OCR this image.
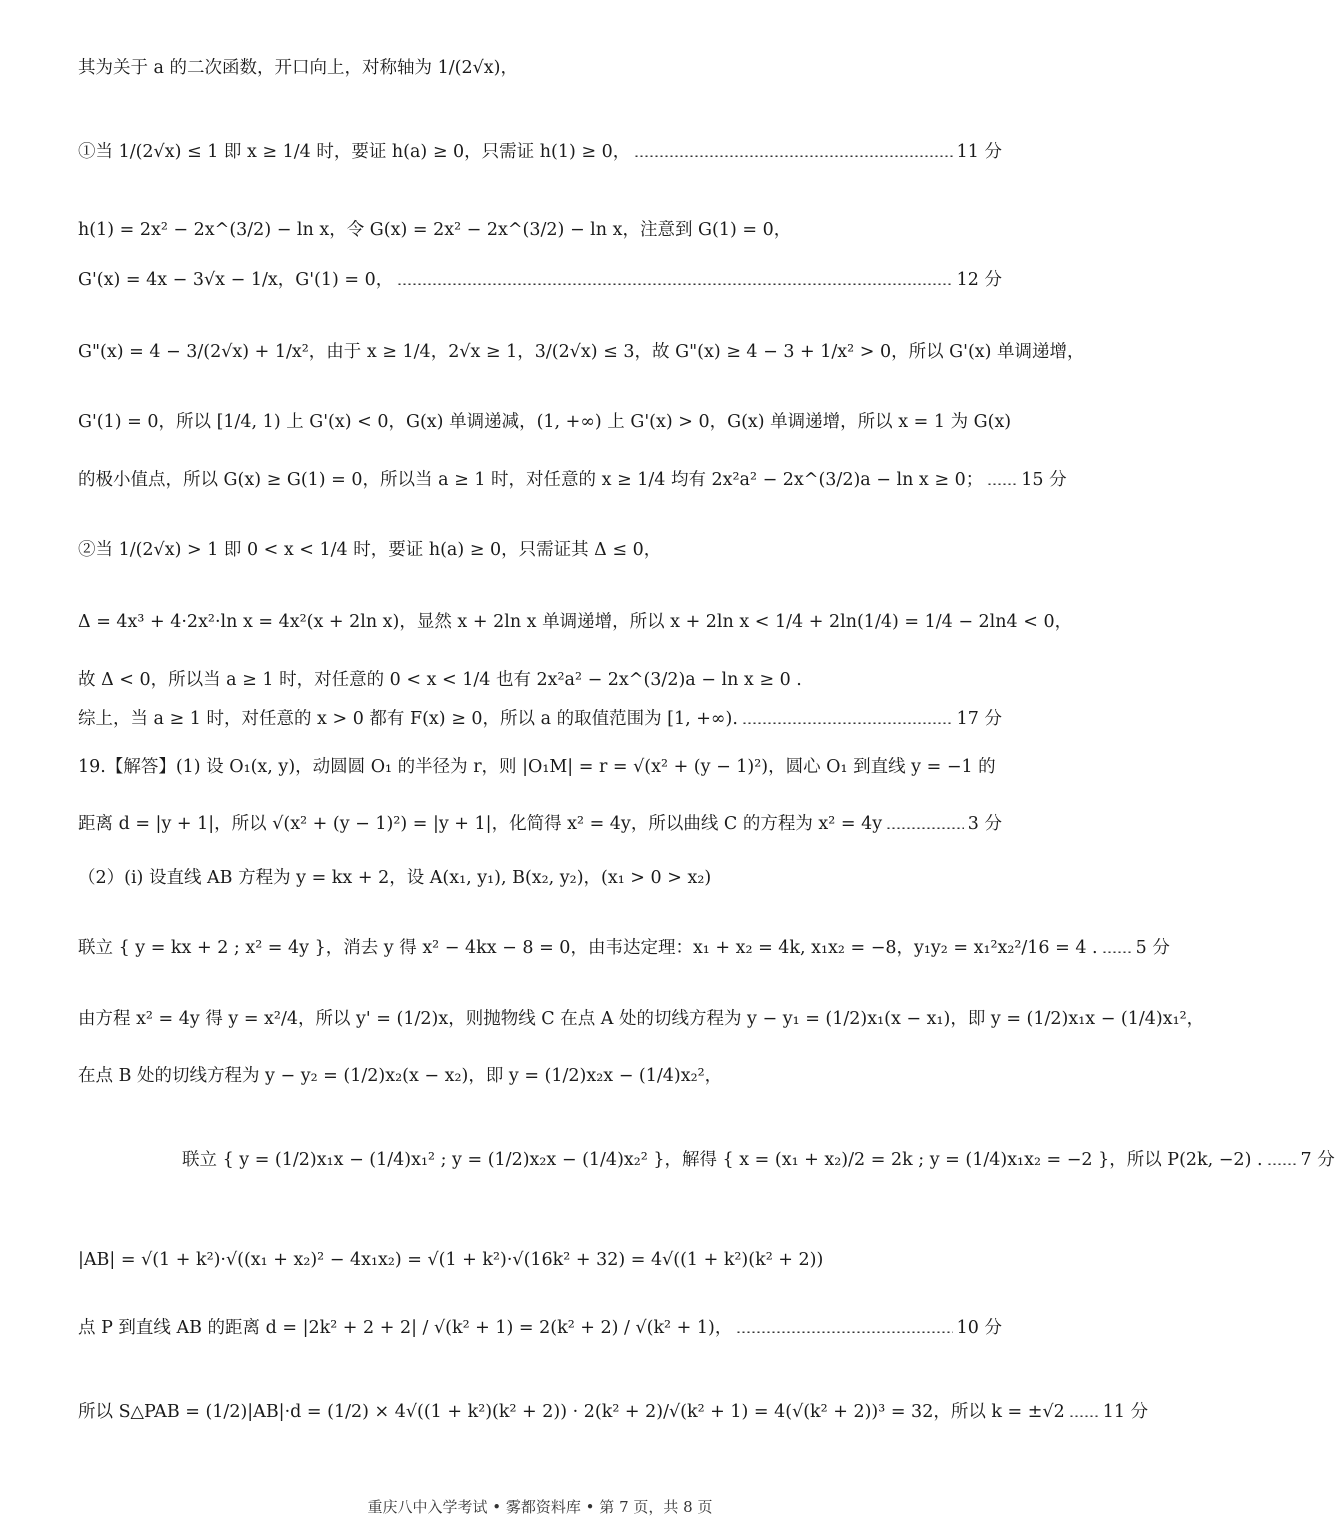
其为关于 a 的二次函数，开口向上，对称轴为 1/(2√x)，
①当 1/(2√x) ≤ 1 即 x ≥ 1/4 时，要证 h(a) ≥ 0，只需证 h(1) ≥ 0，	11 分
h(1) = 2x² − 2x^(3/2) − ln x，令 G(x) = 2x² − 2x^(3/2) − ln x，注意到 G(1) = 0，
G'(x) = 4x − 3√x − 1/x，G'(1) = 0，	12 分
G"(x) = 4 − 3/(2√x) + 1/x²，由于 x ≥ 1/4，2√x ≥ 1，3/(2√x) ≤ 3，故 G"(x) ≥ 4 − 3 + 1/x² > 0，所以 G'(x) 单调递增，
G'(1) = 0，所以 [1/4, 1) 上 G'(x) < 0，G(x) 单调递减，(1, +∞) 上 G'(x) > 0，G(x) 单调递增，所以 x = 1 为 G(x)
的极小值点，所以 G(x) ≥ G(1) = 0，所以当 a ≥ 1 时，对任意的 x ≥ 1/4 均有 2x²a² − 2x^(3/2)a − ln x ≥ 0； 15 分
②当 1/(2√x) > 1 即 0 < x < 1/4 时，要证 h(a) ≥ 0，只需证其 Δ ≤ 0，
Δ = 4x³ + 4·2x²·ln x = 4x²(x + 2ln x)，显然 x + 2ln x 单调递增，所以 x + 2ln x < 1/4 + 2ln(1/4) = 1/4 − 2ln4 < 0，
故 Δ < 0，所以当 a ≥ 1 时，对任意的 0 < x < 1/4 也有 2x²a² − 2x^(3/2)a − ln x ≥ 0 .
综上，当 a ≥ 1 时，对任意的 x > 0 都有 F(x) ≥ 0，所以 a 的取值范围为 [1, +∞).	17 分
19.【解答】(1) 设 O₁(x, y)，动圆圆 O₁ 的半径为 r，则 |O₁M| = r = √(x² + (y − 1)²)，圆心 O₁ 到直线 y = −1 的
距离 d = |y + 1|，所以 √(x² + (y − 1)²) = |y + 1|，化简得 x² = 4y，所以曲线 C 的方程为 x² = 4y	3 分
（2）(i) 设直线 AB 方程为 y = kx + 2，设 A(x₁, y₁), B(x₂, y₂)，(x₁ > 0 > x₂)
联立 { y = kx + 2 ; x² = 4y }，消去 y 得 x² − 4kx − 8 = 0，由韦达定理：x₁ + x₂ = 4k, x₁x₂ = −8，y₁y₂ = x₁²x₂²/16 = 4 . 5 分
由方程 x² = 4y 得 y = x²/4，所以 y' = (1/2)x，则抛物线 C 在点 A 处的切线方程为 y − y₁ = (1/2)x₁(x − x₁)，即 y = (1/2)x₁x − (1/4)x₁²，
在点 B 处的切线方程为 y − y₂ = (1/2)x₂(x − x₂)，即 y = (1/2)x₂x − (1/4)x₂²，
联立 { y = (1/2)x₁x − (1/4)x₁² ; y = (1/2)x₂x − (1/4)x₂² }，解得 { x = (x₁ + x₂)/2 = 2k ; y = (1/4)x₁x₂ = −2 }，所以 P(2k, −2) . 7 分
|AB| = √(1 + k²)·√((x₁ + x₂)² − 4x₁x₂) = √(1 + k²)·√(16k² + 32) = 4√((1 + k²)(k² + 2))
点 P 到直线 AB 的距离 d = |2k² + 2 + 2| / √(k² + 1) = 2(k² + 2) / √(k² + 1)，	10 分
所以 S△PAB = (1/2)|AB|·d = (1/2) × 4√((1 + k²)(k² + 2)) · 2(k² + 2)/√(k² + 1) = 4(√(k² + 2))³ = 32，所以 k = ±√2 11 分
重庆八中入学考试 • 雾都资料库 • 第 7 页，共 8 页
